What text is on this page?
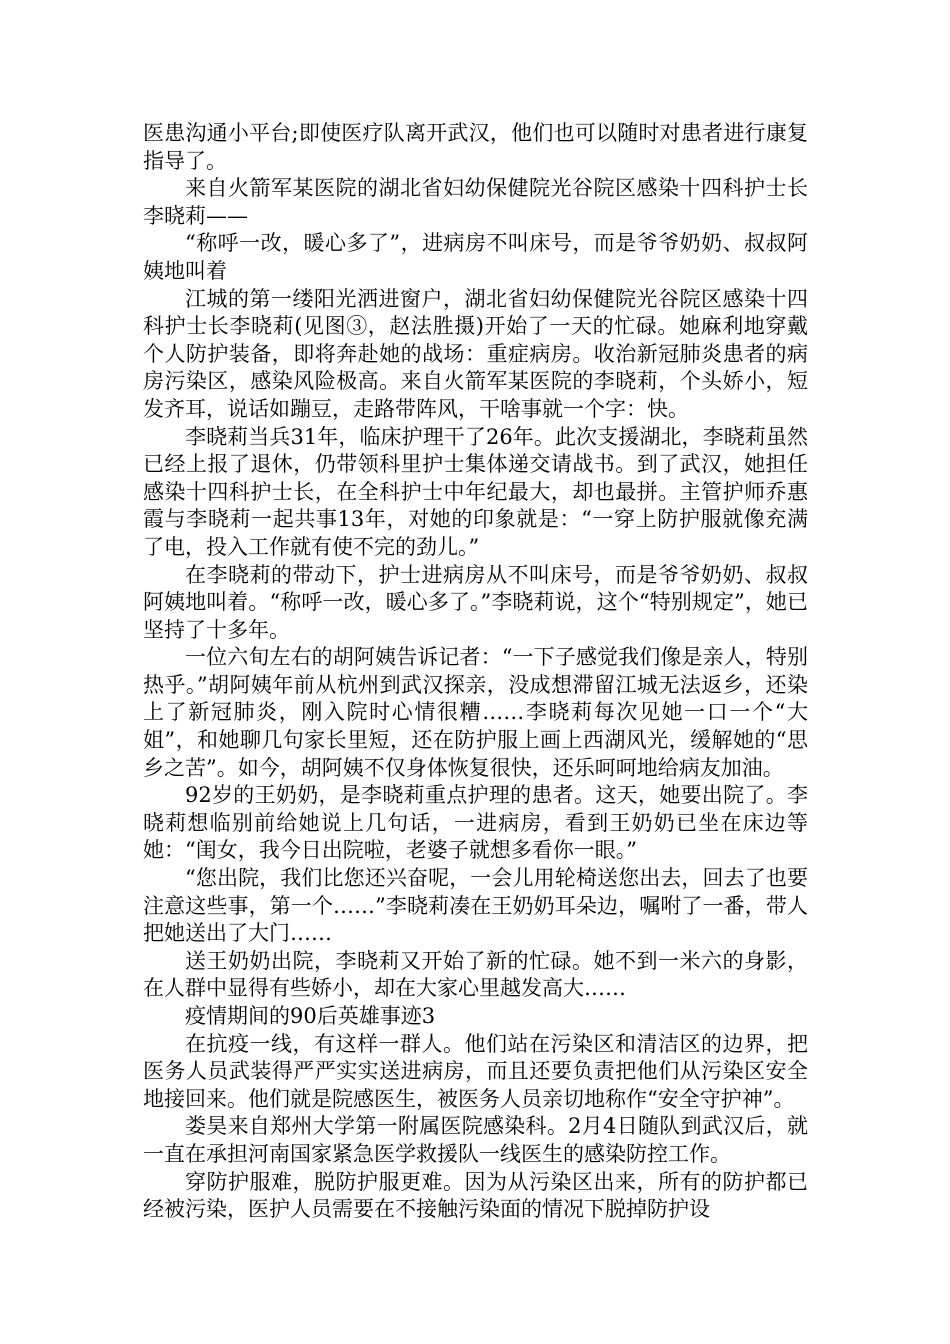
医患沟通小平台;即使医疗队离开武汉，他们也可以随时对患者进行康复指导了。

来自火箭军某医院的湖北省妇幼保健院光谷院区感染十四科护士长李晓莉——

“称呼一改，暖心多了”，进病房不叫床号，而是爷爷奶奶、叔叔阿姨地叫着

江城的第一缕阳光洒进窗户，湖北省妇幼保健院光谷院区感染十四科护士长李晓莉(见图③，赵法胜摄)开始了一天的忙碌。她麻利地穿戴个人防护装备，即将奔赴她的战场：重症病房。收治新冠肺炎患者的病房污染区，感染风险极高。来自火箭军某医院的李晓莉，个头娇小，短发齐耳，说话如蹦豆，走路带阵风，干啥事就一个字：快。

李晓莉当兵31年，临床护理干了26年。此次支援湖北，李晓莉虽然已经上报了退休，仍带领科里护士集体递交请战书。到了武汉，她担任感染十四科护士长，在全科护士中年纪最大，却也最拼。主管护师乔惠霞与李晓莉一起共事13年，对她的印象就是：“一穿上防护服就像充满了电，投入工作就有使不完的劲儿。”

在李晓莉的带动下，护士进病房从不叫床号，而是爷爷奶奶、叔叔阿姨地叫着。“称呼一改，暖心多了。”李晓莉说，这个“特别规定”，她已坚持了十多年。

一位六旬左右的胡阿姨告诉记者：“一下子感觉我们像是亲人，特别热乎。”胡阿姨年前从杭州到武汉探亲，没成想滞留江城无法返乡，还染上了新冠肺炎，刚入院时心情很糟……李晓莉每次见她一口一个“大姐”，和她聊几句家长里短，还在防护服上画上西湖风光，缓解她的“思乡之苦”。如今，胡阿姨不仅身体恢复很快，还乐呵呵地给病友加油。

92岁的王奶奶，是李晓莉重点护理的患者。这天，她要出院了。李晓莉想临别前给她说上几句话，一进病房，看到王奶奶已坐在床边等她：“闺女，我今日出院啦，老婆子就想多看你一眼。”

“您出院，我们比您还兴奋呢，一会儿用轮椅送您出去，回去了也要注意这些事，第一个……”李晓莉凑在王奶奶耳朵边，嘱咐了一番，带人把她送出了大门……

送王奶奶出院，李晓莉又开始了新的忙碌。她不到一米六的身影，在人群中显得有些娇小，却在大家心里越发高大……

疫情期间的90后英雄事迹3

在抗疫一线，有这样一群人。他们站在污染区和清洁区的边界，把医务人员武装得严严实实送进病房，而且还要负责把他们从污染区安全地接回来。他们就是院感医生，被医务人员亲切地称作“安全守护神”。

娄昊来自郑州大学第一附属医院感染科。2月4日随队到武汉后，就一直在承担河南国家紧急医学救援队一线医生的感染防控工作。

穿防护服难，脱防护服更难。因为从污染区出来，所有的防护都已经被污染，医护人员需要在不接触污染面的情况下脱掉防护设
